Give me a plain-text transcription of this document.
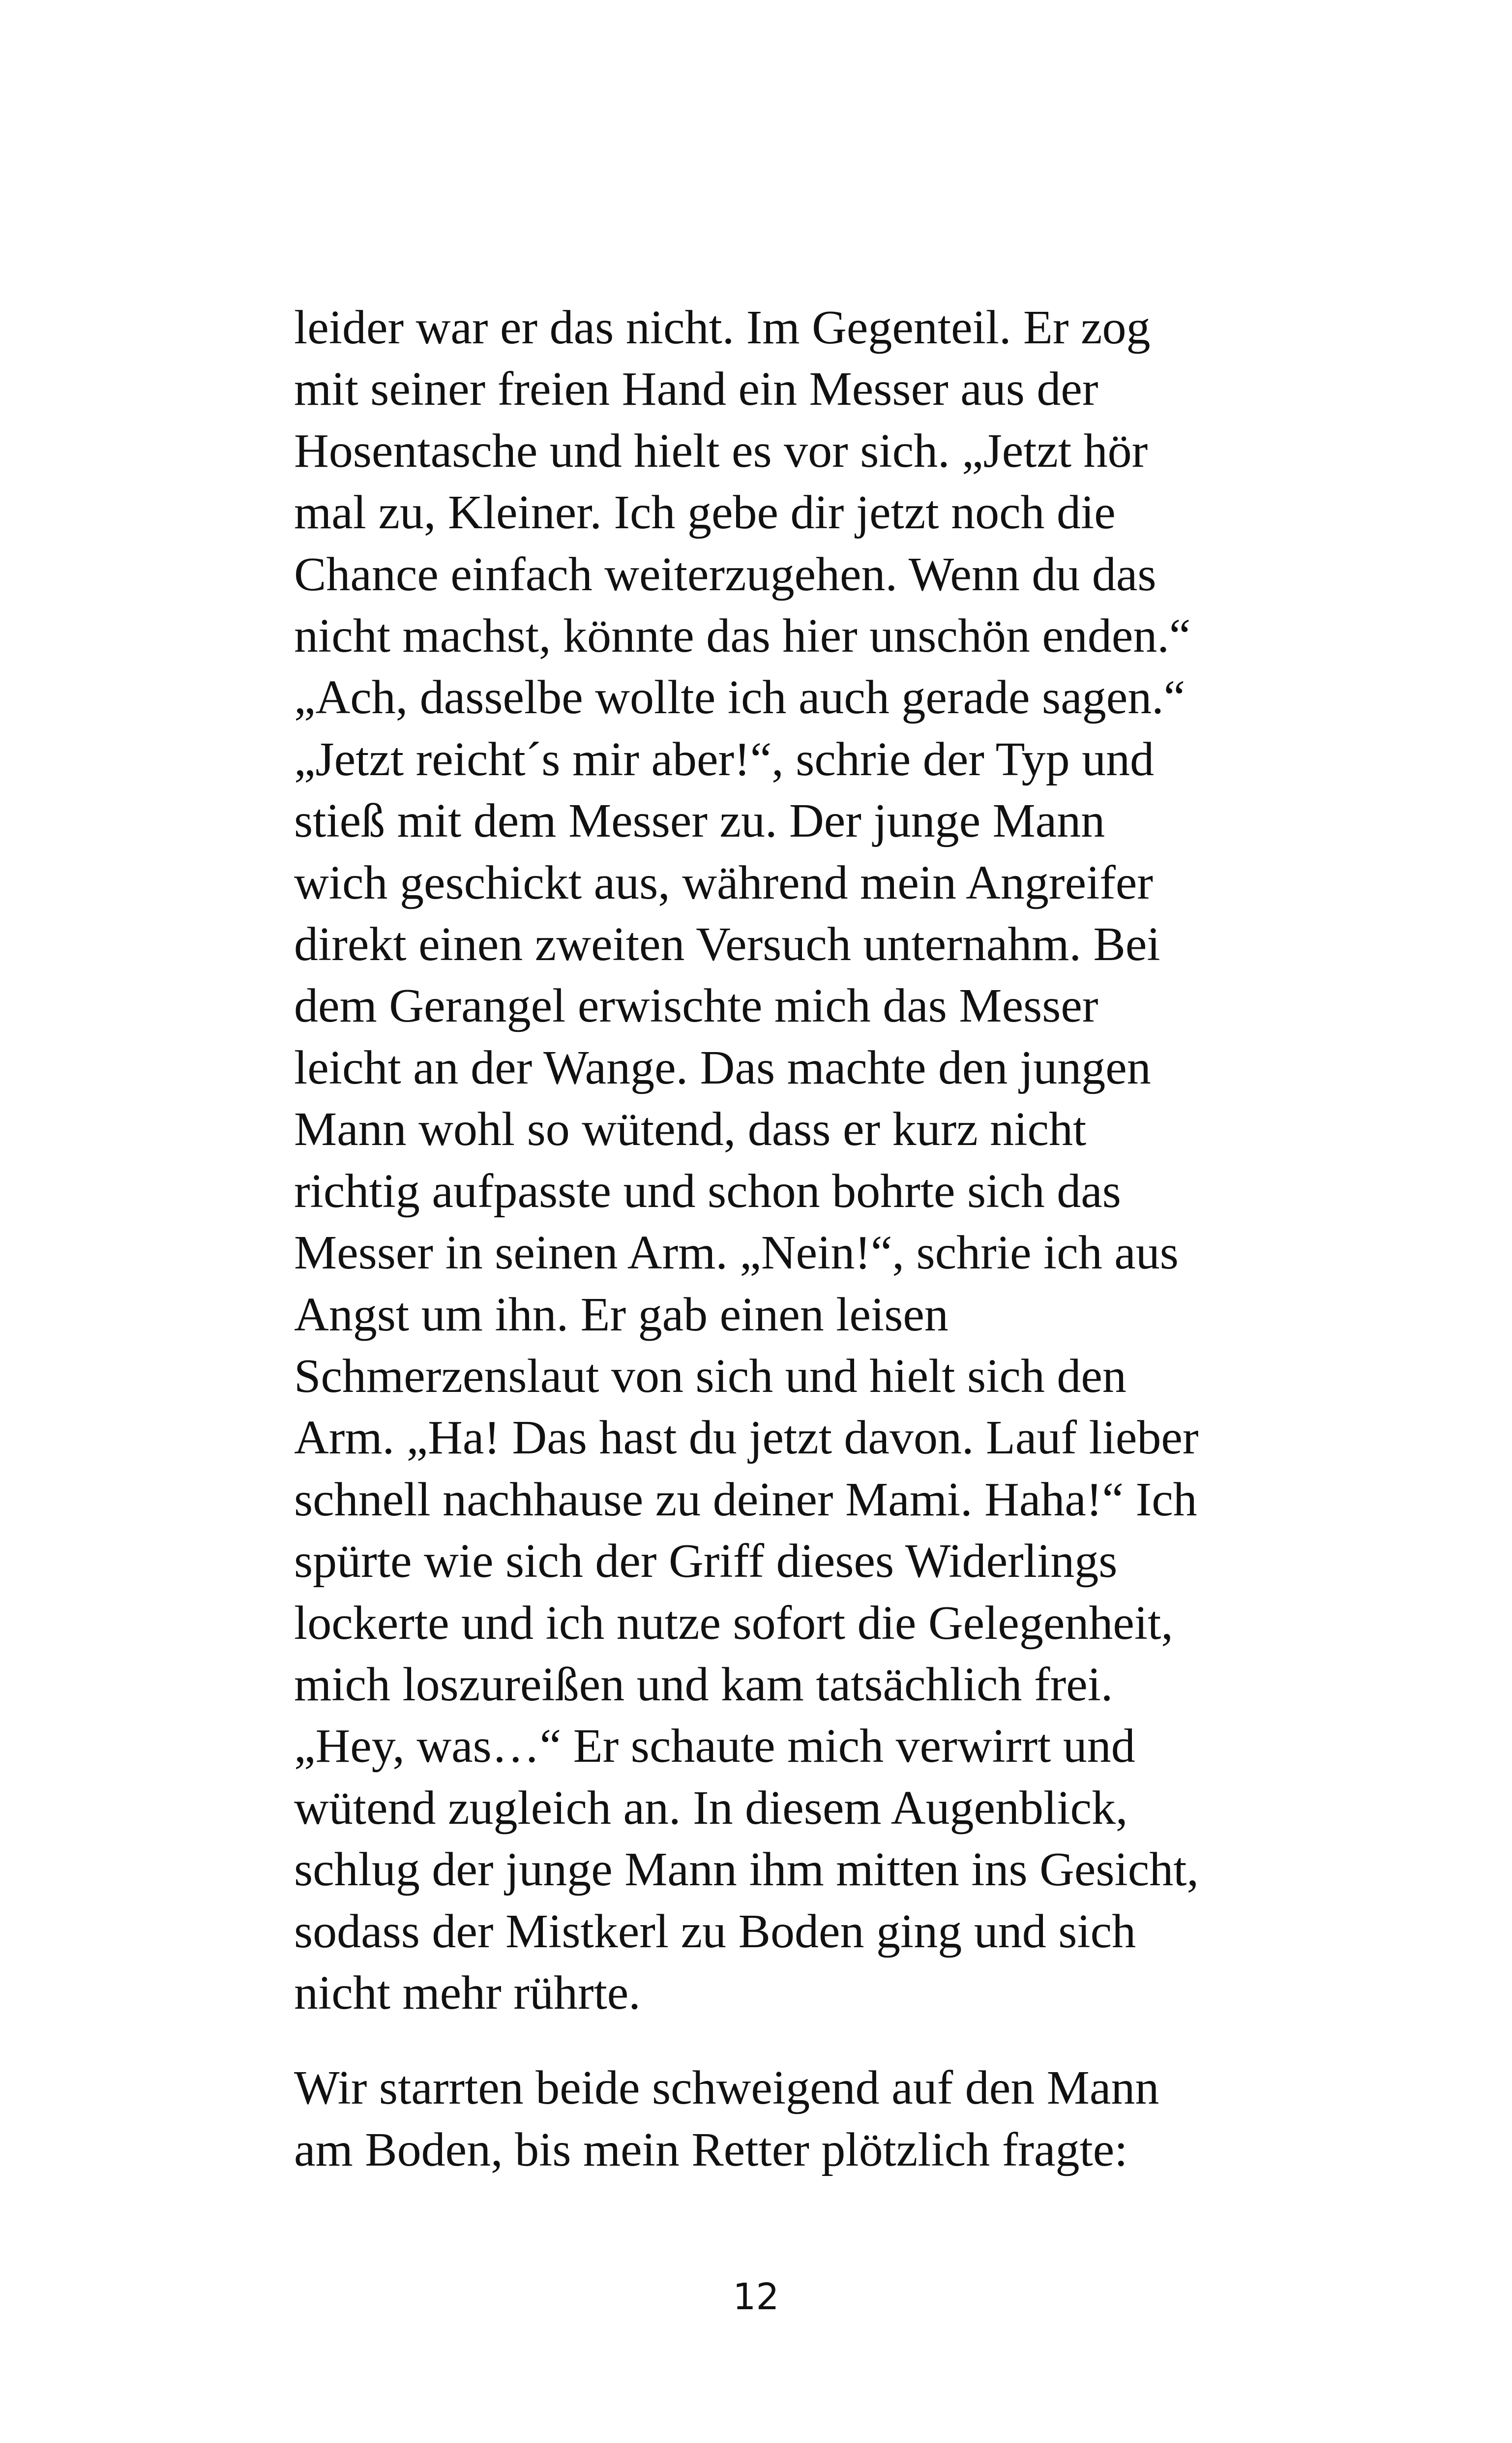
leider war er das nicht. Im Gegenteil. Er zog
mit seiner freien Hand ein Messer aus der
Hosentasche und hielt es vor sich. „Jetzt hör
mal zu, Kleiner. Ich gebe dir jetzt noch die
Chance einfach weiterzugehen. Wenn du das
nicht machst, könnte das hier unschön enden.“
„Ach, dasselbe wollte ich auch gerade sagen.“
„Jetzt reicht´s mir aber!“, schrie der Typ und
stieß mit dem Messer zu. Der junge Mann
wich geschickt aus, während mein Angreifer
direkt einen zweiten Versuch unternahm. Bei
dem Gerangel erwischte mich das Messer
leicht an der Wange. Das machte den jungen
Mann wohl so wütend, dass er kurz nicht
richtig aufpasste und schon bohrte sich das
Messer in seinen Arm. „Nein!“, schrie ich aus
Angst um ihn. Er gab einen leisen
Schmerzenslaut von sich und hielt sich den
Arm. „Ha! Das hast du jetzt davon. Lauf lieber
schnell nachhause zu deiner Mami. Haha!“ Ich
spürte wie sich der Griff dieses Widerlings
lockerte und ich nutze sofort die Gelegenheit,
mich loszureißen und kam tatsächlich frei.
„Hey, was…“ Er schaute mich verwirrt und
wütend zugleich an. In diesem Augenblick,
schlug der junge Mann ihm mitten ins Gesicht,
sodass der Mistkerl zu Boden ging und sich
nicht mehr rührte.
Wir starrten beide schweigend auf den Mann
am Boden, bis mein Retter plötzlich fragte:
12
